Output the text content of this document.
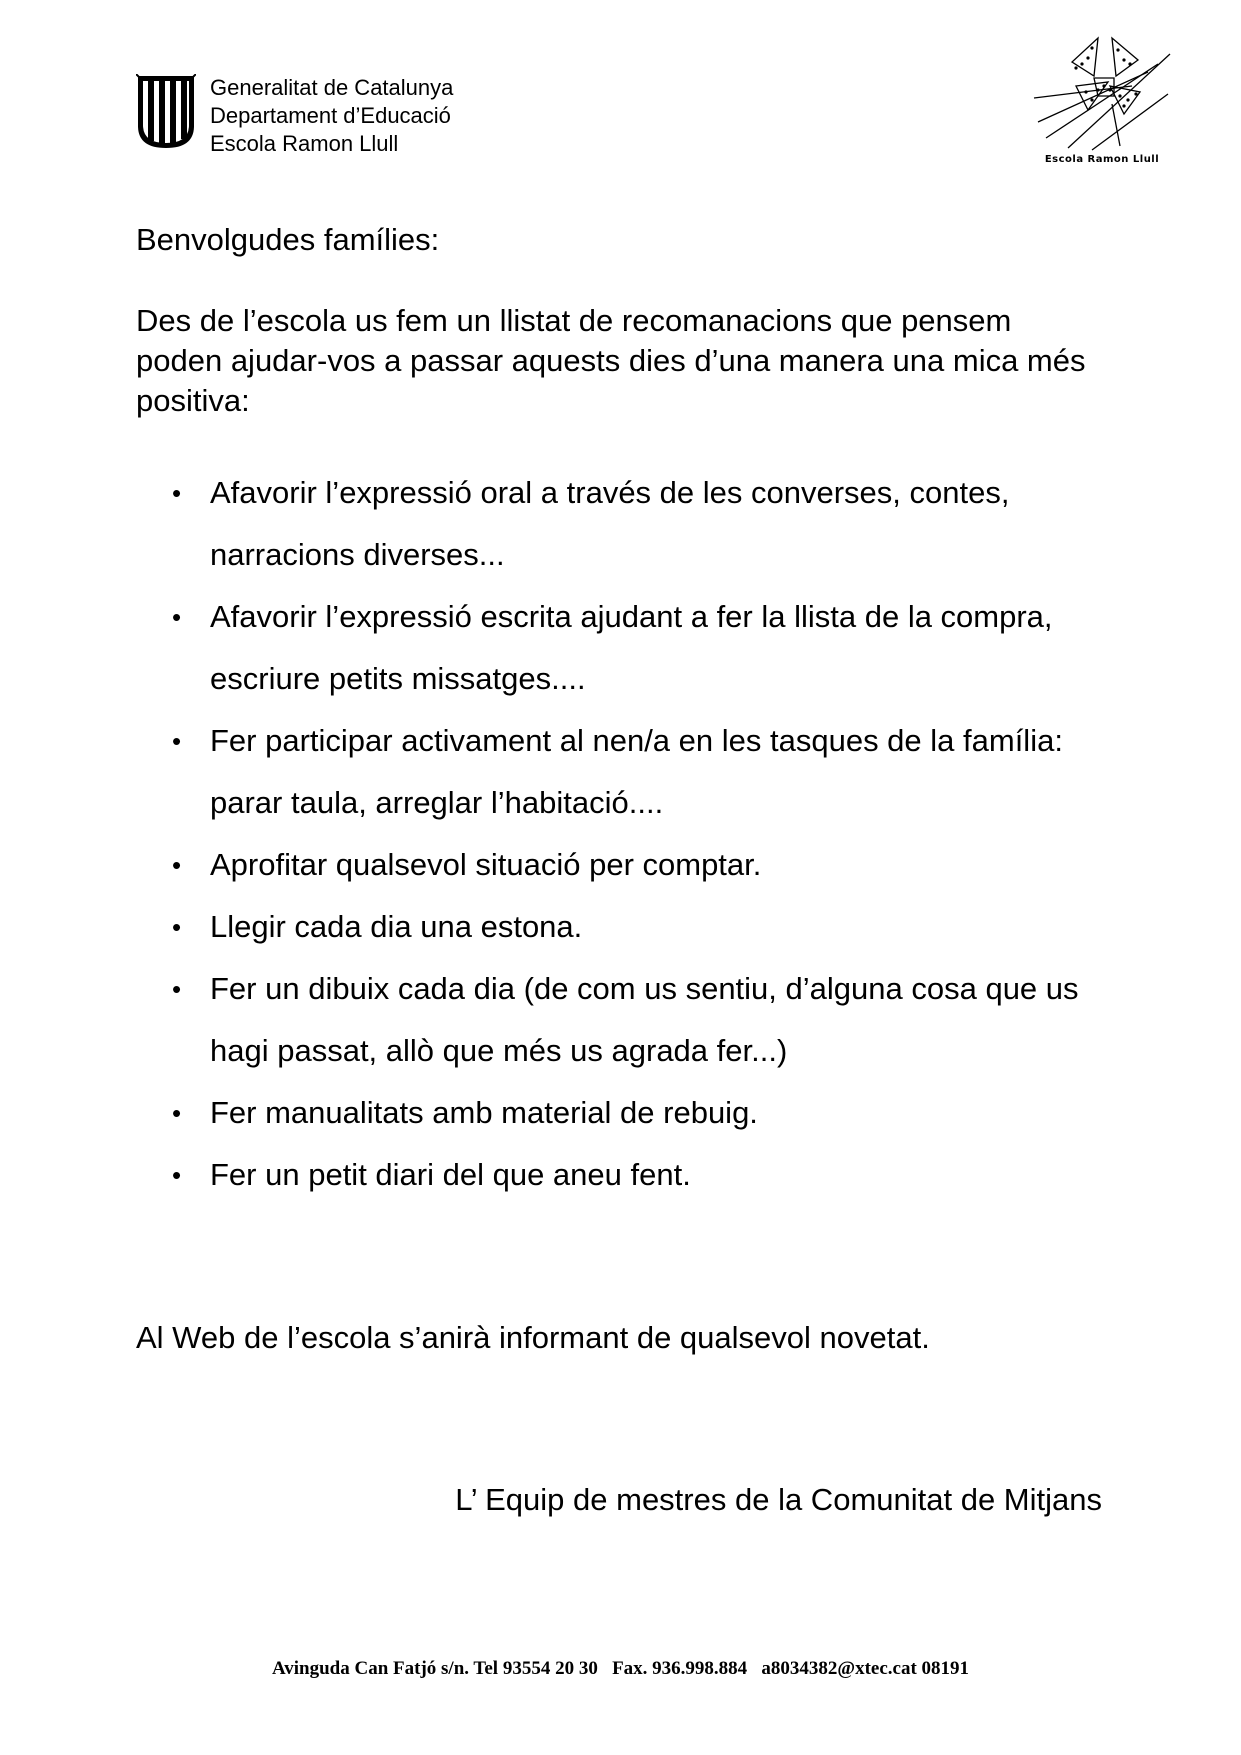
Generalitat de Catalunya
Departament d’Educació
Escola Ramon Llull
Escola Ramon Llull
Benvolgudes famílies:

Des de l’escola us fem un llistat de recomanacions que pensem poden ajudar-vos a passar aquests dies d’una manera una mica més positiva:

• Afavorir l’expressió oral a través de les converses, contes, narracions diverses...
• Afavorir l’expressió escrita ajudant a fer la llista de la compra, escriure petits missatges....
• Fer participar activament al nen/a en les tasques de la família: parar taula, arreglar l’habitació....
• Aprofitar qualsevol situació per comptar.
• Llegir cada dia una estona.
• Fer un dibuix cada dia (de com us sentiu, d’alguna cosa que us hagi passat, allò que més us agrada fer...)
• Fer manualitats amb material de rebuig.
• Fer un petit diari del que aneu fent.
Al Web de l’escola s’anirà informant de qualsevol novetat.
L’ Equip de mestres de la Comunitat de Mitjans
Avinguda Can Fatjó s/n. Tel 93554 20 30   Fax. 936.998.884   a8034382@xtec.cat 08191
